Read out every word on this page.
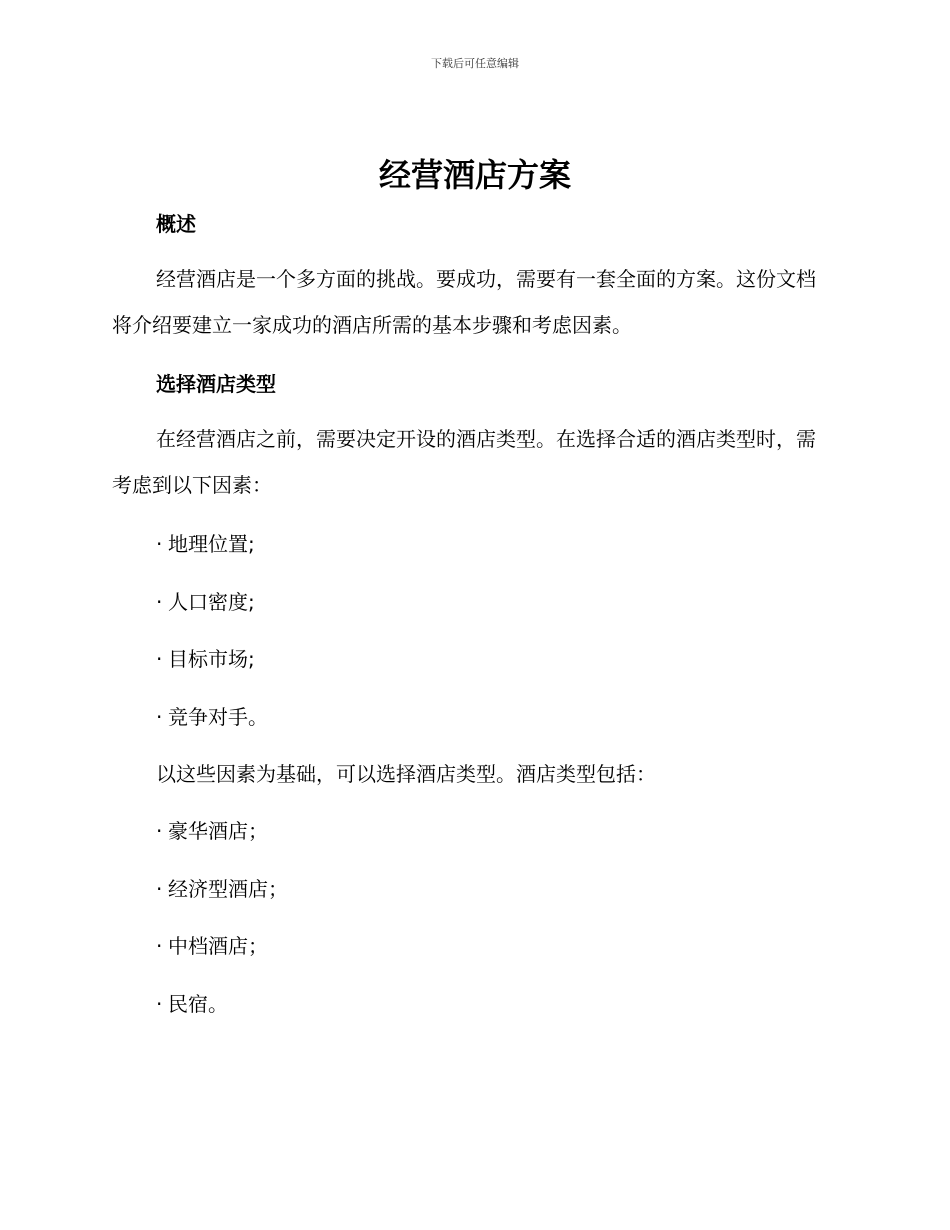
下载后可任意编辑
经营酒店方案
概述

经营酒店是一个多方面的挑战。要成功，需要有一套全面的方案。这份文档将介绍要建立一家成功的酒店所需的基本步骤和考虑因素。

选择酒店类型

在经营酒店之前，需要决定开设的酒店类型。在选择合适的酒店类型时，需考虑到以下因素：

· 地理位置;

· 人口密度;

· 目标市场;

· 竞争对手。

以这些因素为基础，可以选择酒店类型。酒店类型包括：

· 豪华酒店；

· 经济型酒店；

· 中档酒店；

· 民宿。
